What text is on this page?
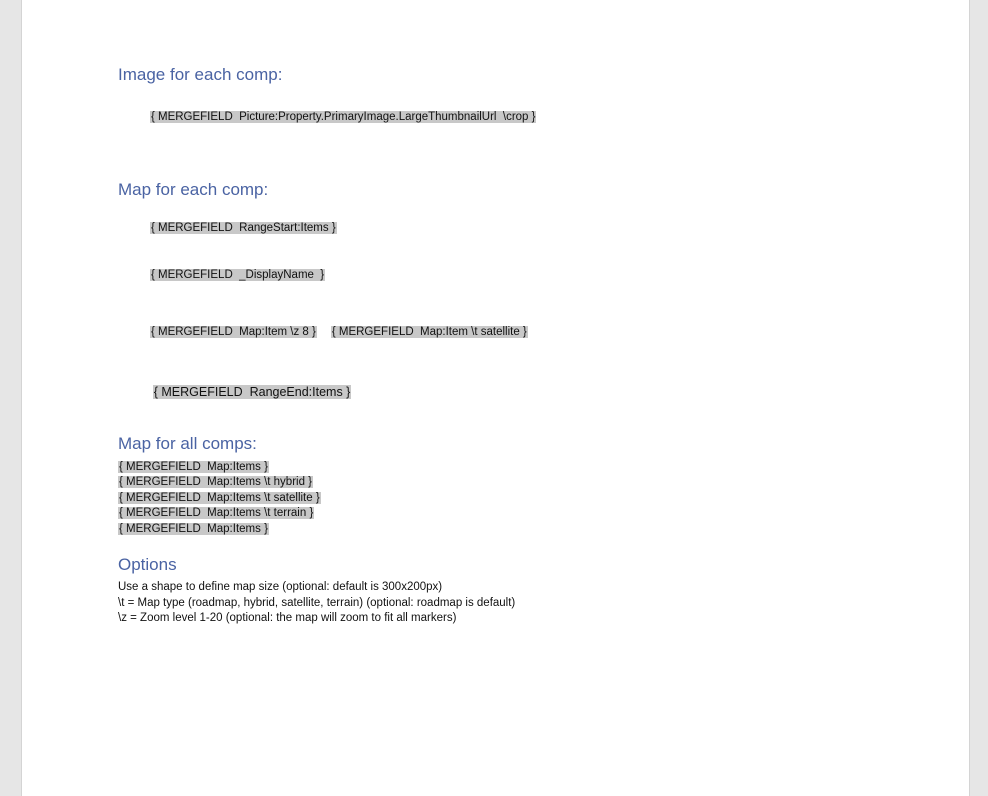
Image for each comp:

{ MERGEFIELD  Picture:Property.PrimaryImage.LargeThumbnailUrl  \crop }

Map for each comp:

{ MERGEFIELD  RangeStart:Items }

{ MERGEFIELD  _DisplayName  }

{ MERGEFIELD  Map:Item \z 8 } { MERGEFIELD  Map:Item \t satellite }

{ MERGEFIELD  RangeEnd:Items }

Map for all comps:
{ MERGEFIELD  Map:Items }
{ MERGEFIELD  Map:Items \t hybrid }
{ MERGEFIELD  Map:Items \t satellite }
{ MERGEFIELD  Map:Items \t terrain }
{ MERGEFIELD  Map:Items }
Options
Use a shape to define map size (optional: default is 300x200px)
\t = Map type (roadmap, hybrid, satellite, terrain) (optional: roadmap is default)
\z = Zoom level 1-20 (optional: the map will zoom to fit all markers)
